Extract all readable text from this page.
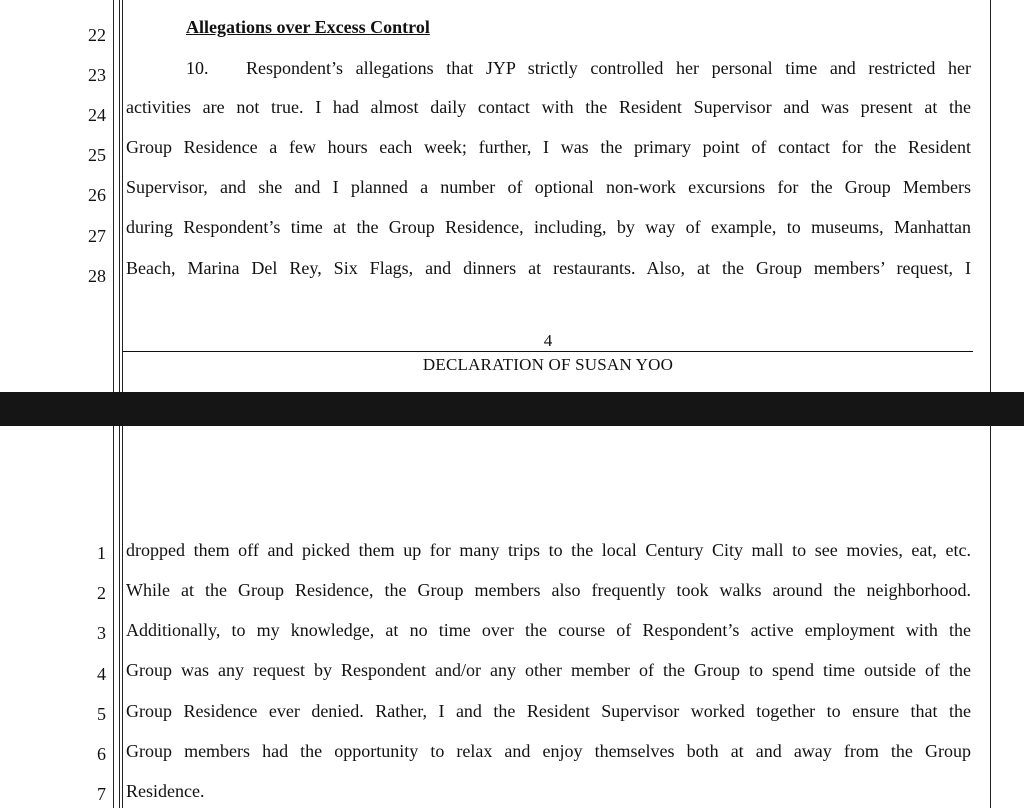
22
23
24
25
26
27
28
Allegations over Excess Control
10. Respondent’s allegations that JYP strictly controlled her personal time and restricted her
activities are not true. I had almost daily contact with the Resident Supervisor and was present at the
Group Residence a few hours each week; further, I was the primary point of contact for the Resident
Supervisor, and she and I planned a number of optional non-work excursions for the Group Members
during Respondent’s time at the Group Residence, including, by way of example, to museums, Manhattan
Beach, Marina Del Rey, Six Flags, and dinners at restaurants. Also, at the Group members’ request, I
4
DECLARATION OF SUSAN YOO
1
2
3
4
5
6
7
dropped them off and picked them up for many trips to the local Century City mall to see movies, eat, etc.
While at the Group Residence, the Group members also frequently took walks around the neighborhood.
Additionally, to my knowledge, at no time over the course of Respondent’s active employment with the
Group was any request by Respondent and/or any other member of the Group to spend time outside of the
Group Residence ever denied. Rather, I and the Resident Supervisor worked together to ensure that the
Group members had the opportunity to relax and enjoy themselves both at and away from the Group
Residence.
